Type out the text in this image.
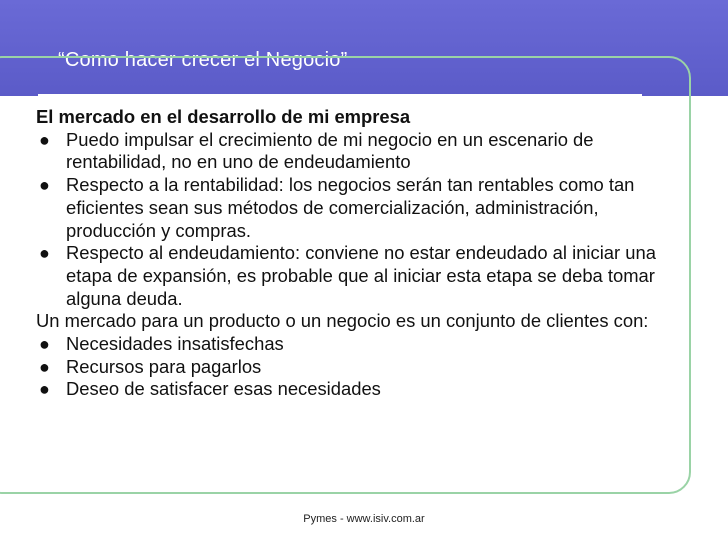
“Como hacer crecer el Negocio”
El mercado en el desarrollo de mi empresa
● Puedo impulsar el crecimiento de mi negocio en un escenario de rentabilidad, no en uno de endeudamiento
● Respecto a la rentabilidad: los negocios serán tan rentables como tan eficientes sean sus métodos de comercialización, administración, producción y compras.
● Respecto al endeudamiento: conviene no estar endeudado al iniciar una etapa de expansión, es probable que al iniciar esta etapa se deba tomar alguna deuda.
Un mercado para un producto o un negocio es un conjunto de clientes con:
● Necesidades insatisfechas
● Recursos para pagarlos
● Deseo de satisfacer esas necesidades
Pymes - www.isiv.com.ar
